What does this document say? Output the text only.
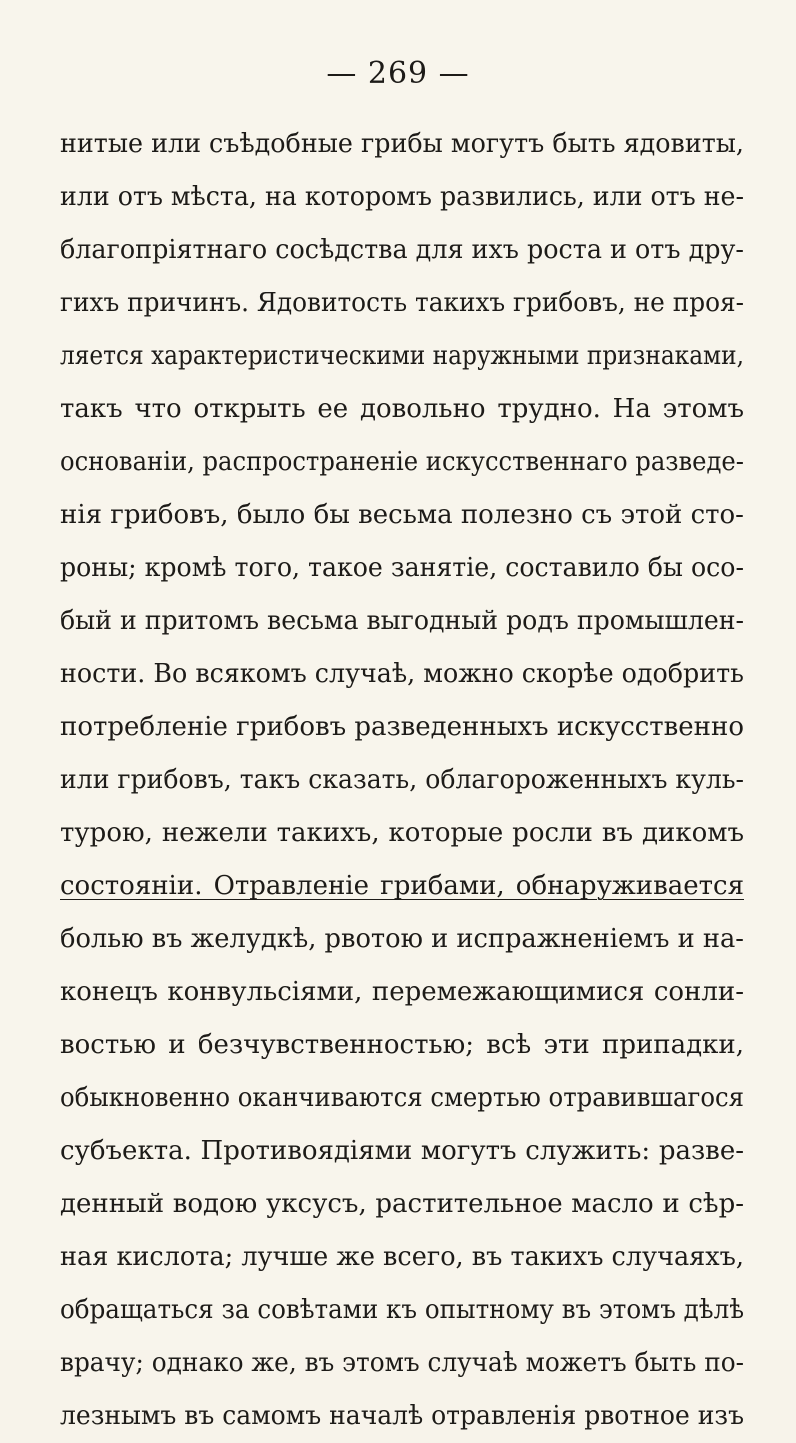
— 269 —
нитые или съѣдобные грибы могутъ быть ядовиты,
или отъ мѣста, на которомъ развились, или отъ не-
благопріятнаго сосѣдства для ихъ роста и отъ дру-
гихъ причинъ. Ядовитость такихъ грибовъ, не проя-
ляется характеристическими наружными признаками,
такъ что открыть ее довольно трудно. На этомъ
основаніи, распространеніе искусственнаго разведе-
нія грибовъ, было бы весьма полезно съ этой сто-
роны; кромѣ того, такое занятіе, составило бы осо-
бый и притомъ весьма выгодный родъ промышлен-
ности. Во всякомъ случаѣ, можно скорѣе одобрить
потребленіе грибовъ разведенныхъ искусственно
или грибовъ, такъ сказать, облагороженныхъ куль-
турою, нежели такихъ, которые росли въ дикомъ
состояніи. Отравленіе грибами, обнаруживается
болью въ желудкѣ, рвотою и испражненіемъ и на-
конецъ конвульсіями, перемежающимися сонли-
востью и безчувственностью; всѣ эти припадки,
обыкновенно оканчиваются смертью отравившагося
субъекта. Противоядіями могутъ служить: разве-
денный водою уксусъ, растительное масло и сѣр-
ная кислота; лучше же всего, въ такихъ случаяхъ,
обращаться за совѣтами къ опытному въ этомъ дѣлѣ
врачу; однако же, въ этомъ случаѣ можетъ быть по-
лезнымъ въ самомъ началѣ отравленія рвотное изъ
